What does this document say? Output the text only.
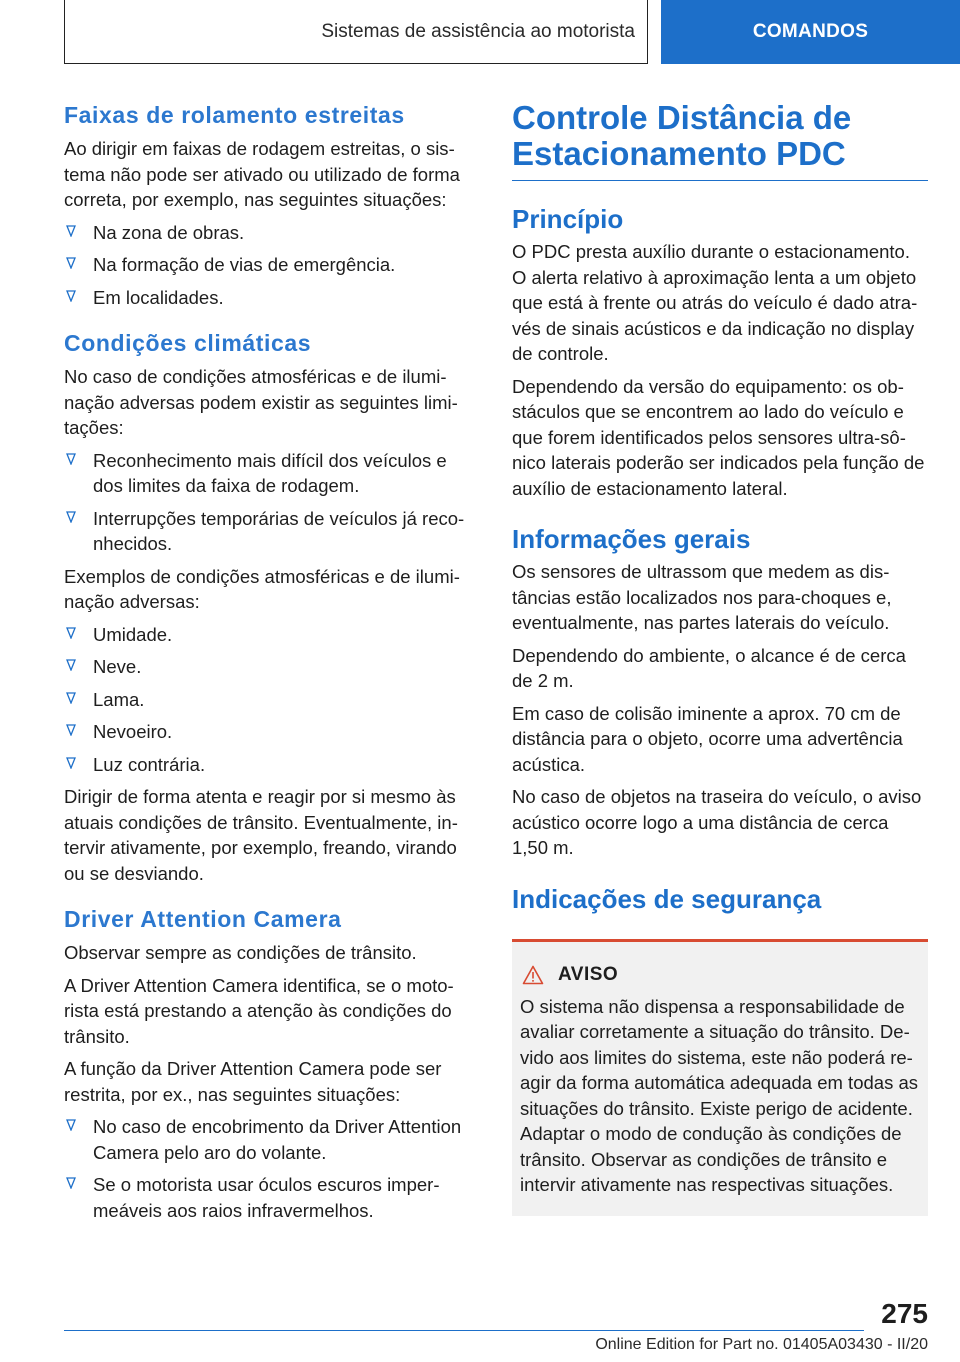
Sistemas de assistência ao motorista	COMANDOS
Faixas de rolamento estreitas

Ao dirigir em faixas de rodagem estreitas, o sistema não pode ser ativado ou utilizado de forma correta, por exemplo, nas seguintes situações:

Na zona de obras.
Na formação de vias de emergência.
Em localidades.
Condições climáticas

No caso de condições atmosféricas e de iluminação adversas podem existir as seguintes limitações:

Reconhecimento mais difícil dos veículos e dos limites da faixa de rodagem.
Interrupções temporárias de veículos já reconhecidos.

Exemplos de condições atmosféricas e de iluminação adversas:

Umidade.
Neve.
Lama.
Nevoeiro.
Luz contrária.

Dirigir de forma atenta e reagir por si mesmo às atuais condições de trânsito. Eventualmente, intervir ativamente, por exemplo, freando, virando ou se desviando.

Driver Attention Camera

Observar sempre as condições de trânsito.

A Driver Attention Camera identifica, se o motorista está prestando a atenção às condições do trânsito.

A função da Driver Attention Camera pode ser restrita, por ex., nas seguintes situações:

No caso de encobrimento da Driver Attention Camera pelo aro do volante.
Se o motorista usar óculos escuros impermeáveis aos raios infravermelhos.
Controle Distância de Estacionamento PDC
Princípio

O PDC presta auxílio durante o estacionamento. O alerta relativo à aproximação lenta a um objeto que está à frente ou atrás do veículo é dado através de sinais acústicos e da indicação no display de controle.

Dependendo da versão do equipamento: os obstáculos que se encontrem ao lado do veículo e que forem identificados pelos sensores ultra-sônico laterais poderão ser indicados pela função de auxílio de estacionamento lateral.

Informações gerais

Os sensores de ultrassom que medem as distâncias estão localizados nos para-choques e, eventualmente, nas partes laterais do veículo.

Dependendo do ambiente, o alcance é de cerca de 2 m.

Em caso de colisão iminente a aprox. 70 cm de distância para o objeto, ocorre uma advertência acústica.

No caso de objetos na traseira do veículo, o aviso acústico ocorre logo a uma distância de cerca 1,50 m.

Indicações de segurança
AVISO

O sistema não dispensa a responsabilidade de avaliar corretamente a situação do trânsito. Devido aos limites do sistema, este não poderá reagir da forma automática adequada em todas as situações do trânsito. Existe perigo de acidente. Adaptar o modo de condução às condições de trânsito. Observar as condições de trânsito e intervir ativamente nas respectivas situações.

275
Online Edition for Part no. 01405A03430 - II/20
